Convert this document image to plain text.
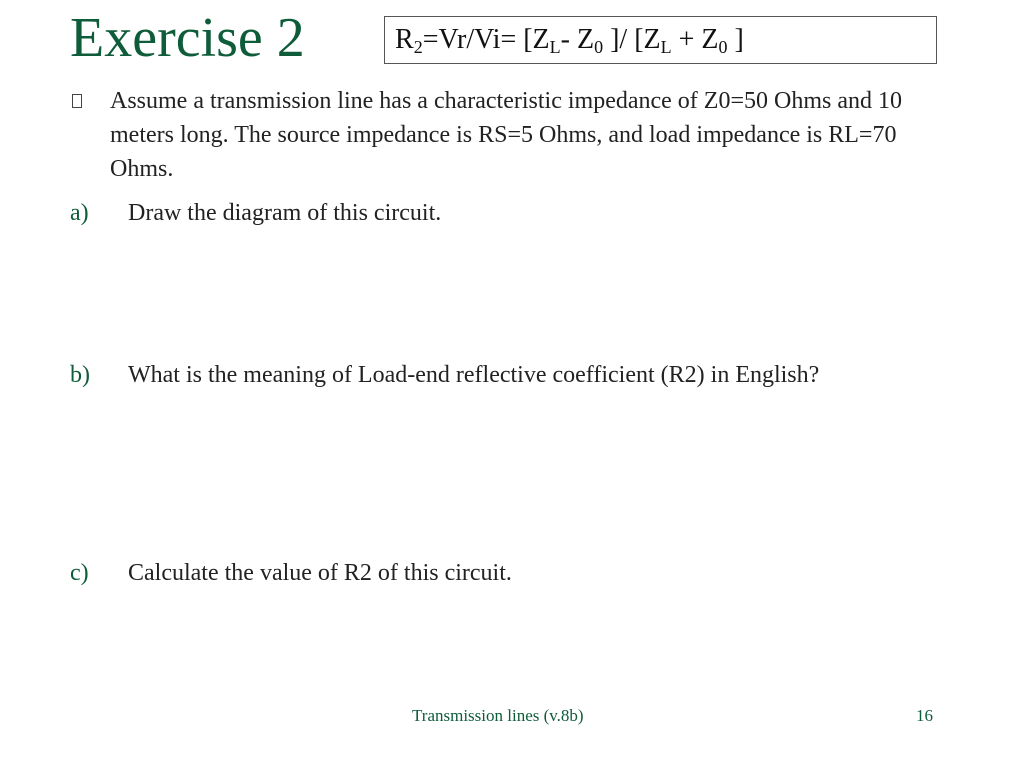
Exercise 2	$R_2=Vr/Vi= [Z_L-$ $Z_0$ ]/ [$Z_L + Z_0$ ]
Assume a transmission line has a characteristic impedance of Z0=50 Ohms and 10 meters long. The source impedance is RS=5 Ohms, and load impedance is RL=70 Ohms.
a) Draw the diagram of this circuit.
b) What is the meaning of Load-end reflective coefficient (R2) in English?
c) Calculate the value of R2 of this circuit.
Transmission lines (v.8b)	16
